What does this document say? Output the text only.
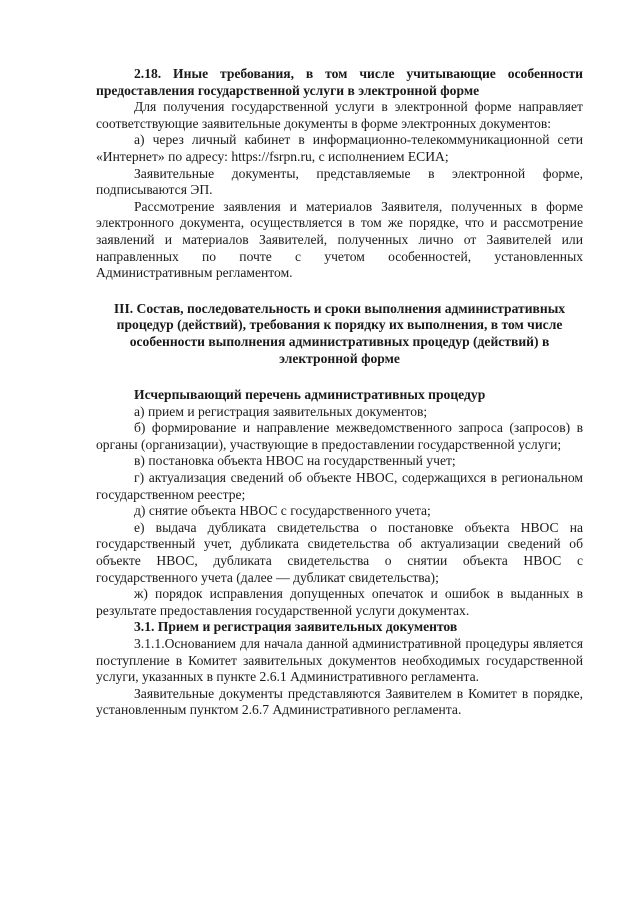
2.18. Иные требования, в том числе учитывающие особенности предоставления государственной услуги в электронной форме

Для получения государственной услуги в электронной форме направляет соответствующие заявительные документы в форме электронных документов:

а) через личный кабинет в информационно-телекоммуникационной сети «Интернет» по адресу: https://fsrpn.ru, с исполнением ЕСИА;

Заявительные документы, представляемые в электронной форме, подписываются ЭП.

Рассмотрение заявления и материалов Заявителя, полученных в форме электронного документа, осуществляется в том же порядке, что и рассмотрение заявлений и материалов Заявителей, полученных лично от Заявителей или направленных по почте с учетом особенностей, установленных Административным регламентом.

III. Состав, последовательность и сроки выполнения административных процедур (действий), требования к порядку их выполнения, в том числе особенности выполнения административных процедур (действий) в электронной форме

Исчерпывающий перечень административных процедур

а) прием и регистрация заявительных документов;

б) формирование и направление межведомственного запроса (запросов) в органы (организации), участвующие в предоставлении государственной услуги;

в) постановка объекта НВОС на государственный учет;

г) актуализация сведений об объекте НВОС, содержащихся в региональном государственном реестре;

д) снятие объекта НВОС с государственного учета;

е) выдача дубликата свидетельства о постановке объекта НВОС на государственный учет, дубликата свидетельства об актуализации сведений об объекте НВОС, дубликата свидетельства о снятии объекта НВОС с государственного учета (далее — дубликат свидетельства);

ж) порядок исправления допущенных опечаток и ошибок в выданных в результате предоставления государственной услуги документах.

3.1. Прием и регистрация заявительных документов

3.1.1.Основанием для начала данной административной процедуры является поступление в Комитет заявительных документов необходимых государственной услуги, указанных в пункте 2.6.1 Административного регламента.

Заявительные документы представляются Заявителем в Комитет в порядке, установленным пунктом 2.6.7 Административного регламента.
